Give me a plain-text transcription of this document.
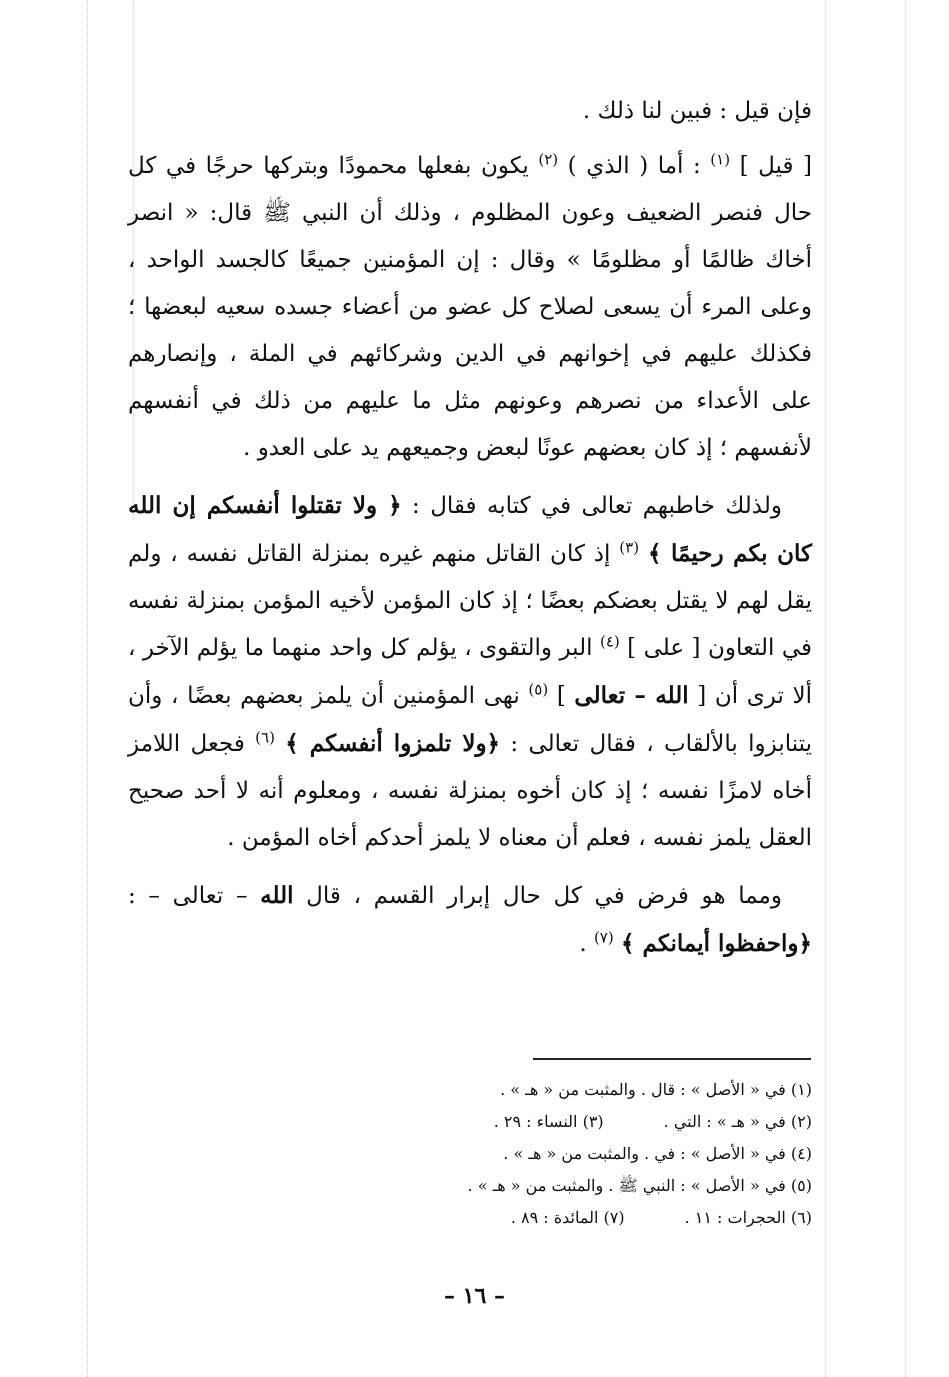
فإن قيل : فبين لنا ذلك .

[ قيل ] $^{(١)}$ : أما ( الذي ) $^{(٢)}$ يكون بفعلها محمودًا وبتركها حرجًا في كل حال فنصر الضعيف وعون المظلوم ، وذلك أن النبي ﷺ قال: « انصر أخاك ظالمًا أو مظلومًا » وقال : إن المؤمنين جميعًا كالجسد الواحد ، وعلى المرء أن يسعى لصلاح كل عضو من أعضاء جسده سعيه لبعضها ؛ فكذلك عليهم في إخوانهم في الدين وشركائهم في الملة ، وإنصارهم على الأعداء من نصرهم وعونهم مثل ما عليهم من ذلك في أنفسهم لأنفسهم ؛ إذ كان بعضهم عونًا لبعض وجميعهم يد على العدو .

ولذلك خاطبهم تعالى في كتابه فقال : ﴿ ولا تقتلوا أنفسكم إن الله كان بكم رحيمًا ﴾ $^{(٣)}$ إذ كان القاتل منهم غيره بمنزلة القاتل نفسه ، ولم يقل لهم لا يقتل بعضكم بعضًا ؛ إذ كان المؤمن لأخيه المؤمن بمنزلة نفسه في التعاون [ على ] $^{(٤)}$ البر والتقوى ، يؤلم كل واحد منهما ما يؤلم الآخر ، ألا ترى أن [ الله – تعالى ] $^{(٥)}$ نهى المؤمنين أن يلمز بعضهم بعضًا ، وأن يتنابزوا بالألقاب ، فقال تعالى : ﴿ولا تلمزوا أنفسكم ﴾ $^{(٦)}$ فجعل اللامز أخاه لامزًا نفسه ؛ إذ كان أخوه بمنزلة نفسه ، ومعلوم أنه لا أحد صحيح العقل يلمز نفسه ، فعلم أن معناه لا يلمز أحدكم أخاه المؤمن .

ومما هو فرض في كل حال إبرار القسم ، قال الله – تعالى – : ﴿واحفظوا أيمانكم ﴾ $^{(٧)}$ .

(١) في « الأصل » : قال . والمثبت من « هـ » .
(٢) في « هـ » : التي .(٣) النساء : ٢٩ .
(٤) في « الأصل » : في . والمثبت من « هـ » .
(٥) في « الأصل » : النبي ﷺ . والمثبت من « هـ » .
(٦) الحجرات : ١١ .(٧) المائدة : ٨٩ .
– ١٦ –
